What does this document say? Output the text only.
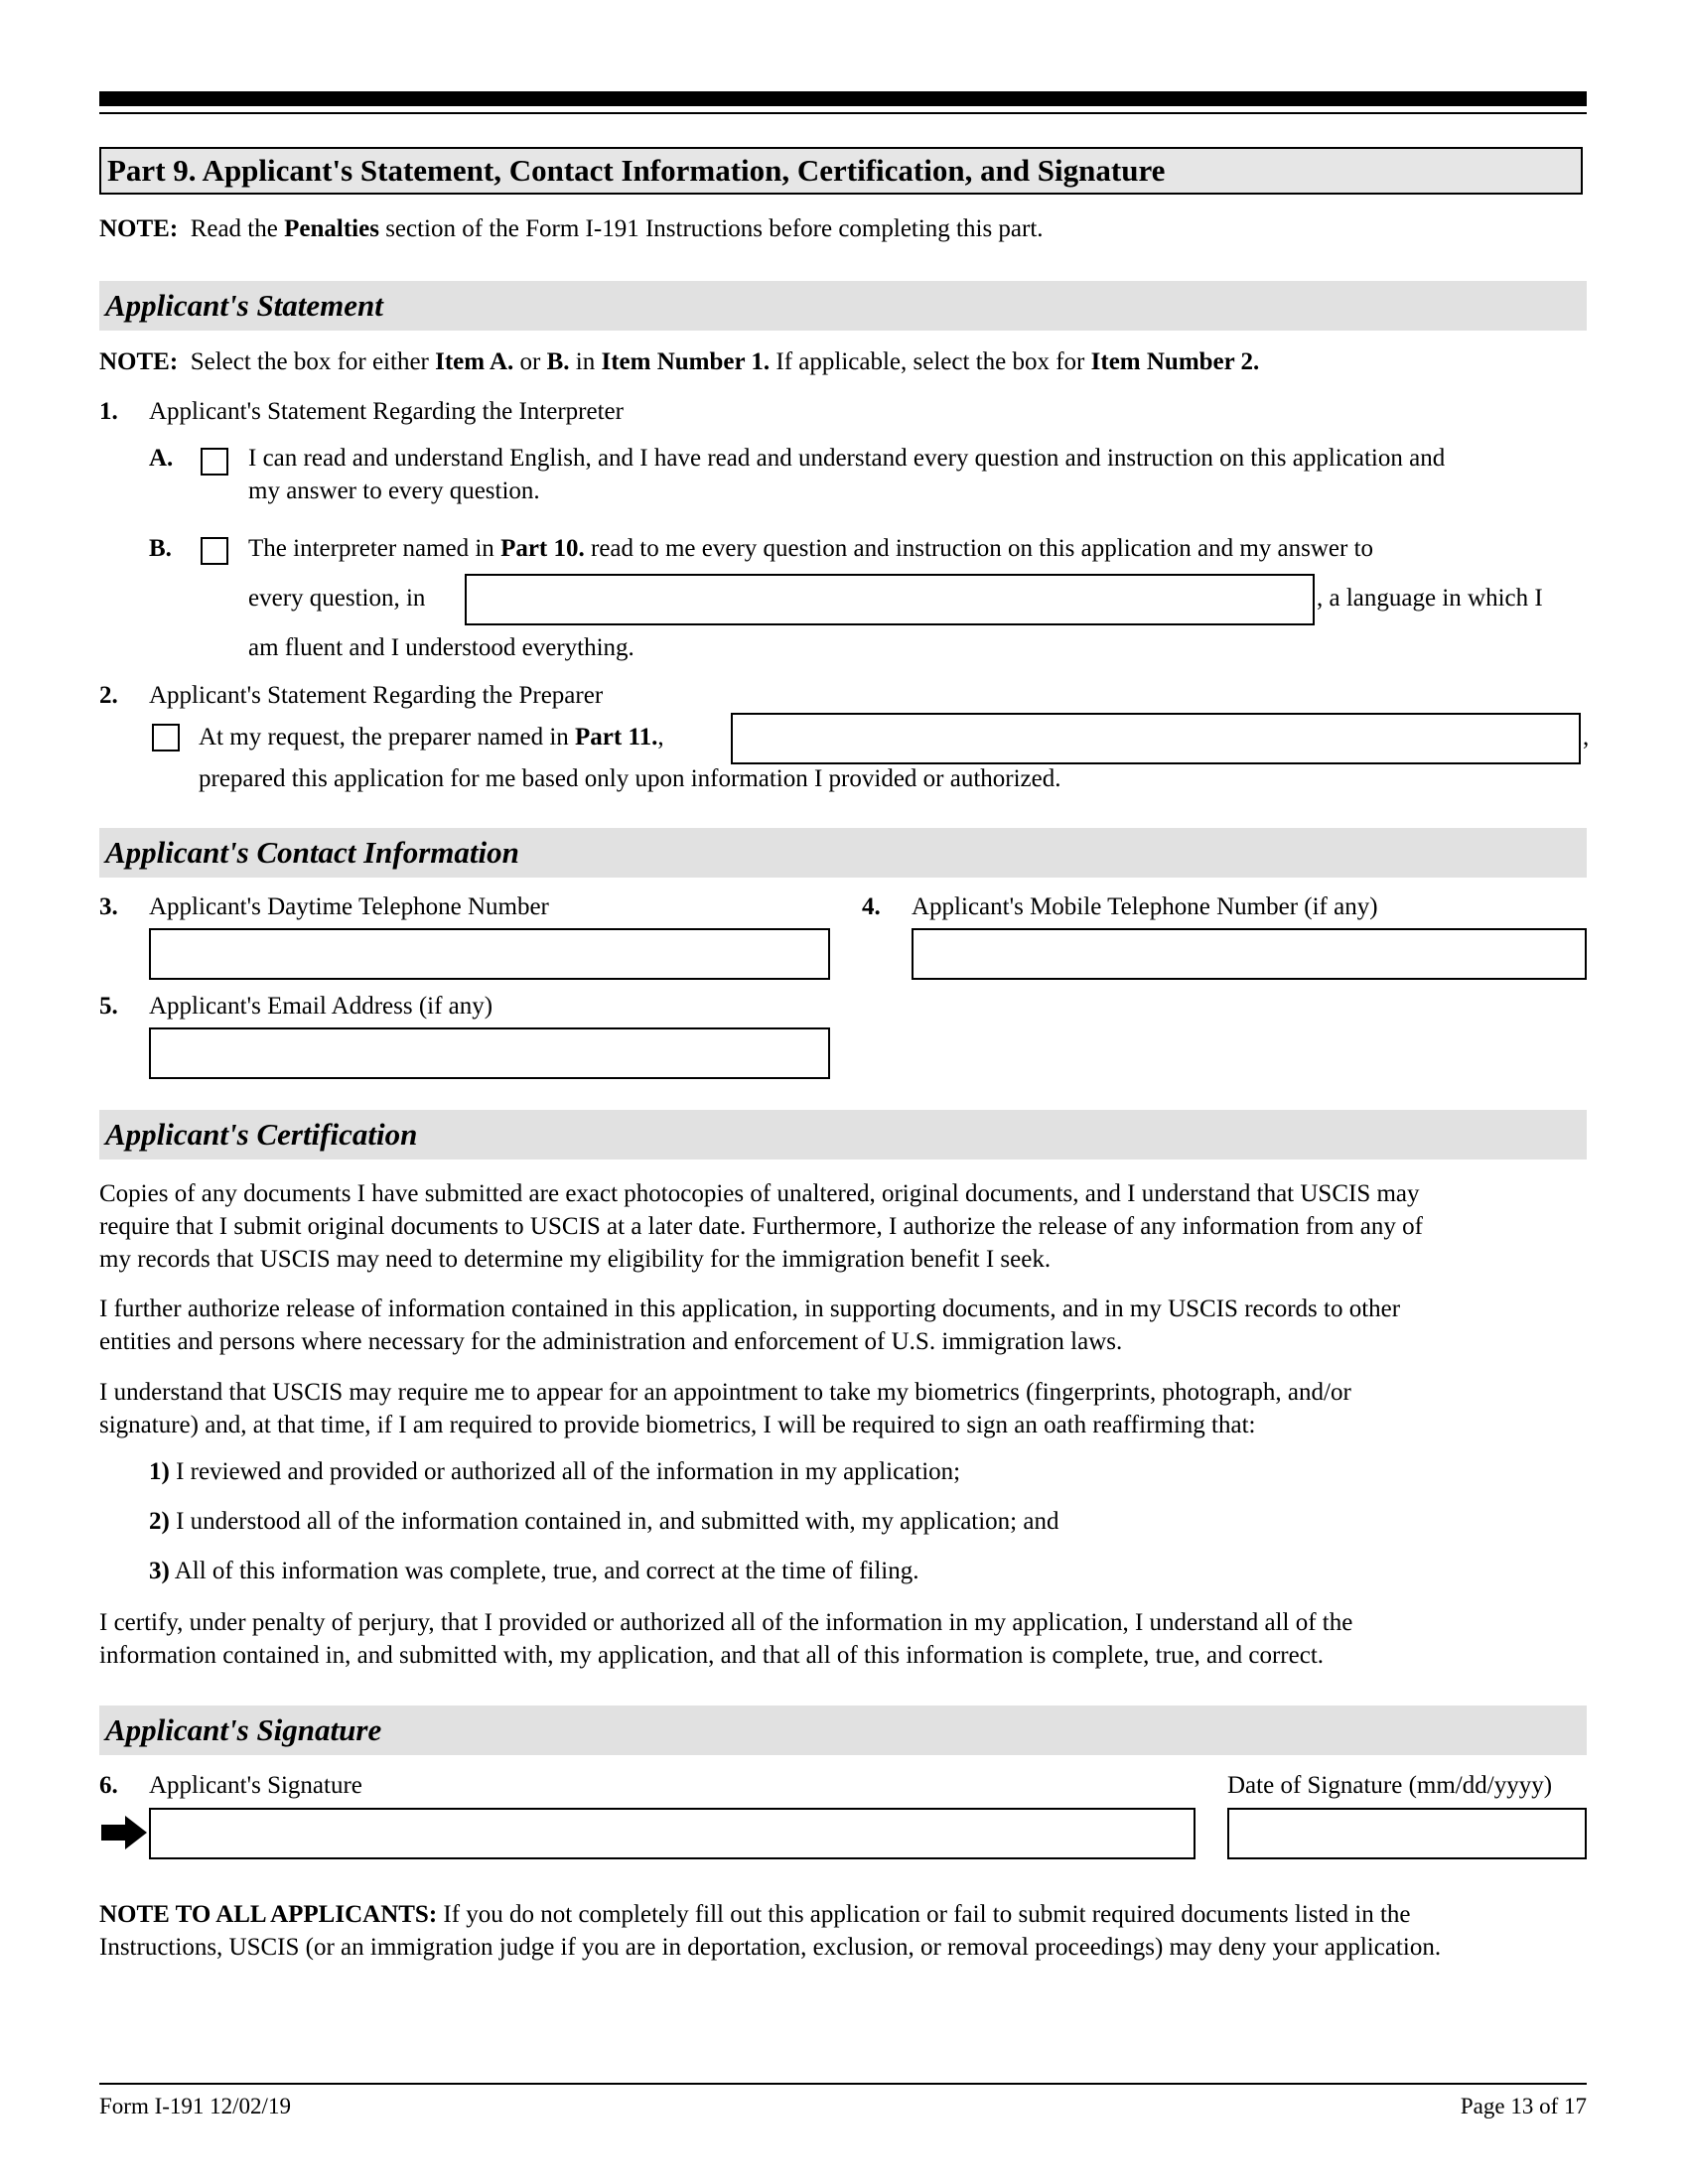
Part 9. Applicant's Statement, Contact Information, Certification, and Signature
NOTE: Read the Penalties section of the Form I-191 Instructions before completing this part.
Applicant's Statement
NOTE: Select the box for either Item A. or B. in Item Number 1. If applicable, select the box for Item Number 2.
1. Applicant's Statement Regarding the Interpreter
A.	I can read and understand English, and I have read and understand every question and instruction on this application and
my answer to every question.
B.	The interpreter named in Part 10. read to me every question and instruction on this application and my answer to
every question, in	, a language in which I
am fluent and I understood everything.
2. Applicant's Statement Regarding the Preparer
At my request, the preparer named in Part 11.,	,
prepared this application for me based only upon information I provided or authorized.
Applicant's Contact Information
3. Applicant's Daytime Telephone Number	4. Applicant's Mobile Telephone Number (if any)
5. Applicant's Email Address (if any)
Applicant's Certification
Copies of any documents I have submitted are exact photocopies of unaltered, original documents, and I understand that USCIS may
require that I submit original documents to USCIS at a later date. Furthermore, I authorize the release of any information from any of
my records that USCIS may need to determine my eligibility for the immigration benefit I seek.
I further authorize release of information contained in this application, in supporting documents, and in my USCIS records to other
entities and persons where necessary for the administration and enforcement of U.S. immigration laws.
I understand that USCIS may require me to appear for an appointment to take my biometrics (fingerprints, photograph, and/or
signature) and, at that time, if I am required to provide biometrics, I will be required to sign an oath reaffirming that:
1) I reviewed and provided or authorized all of the information in my application;
2) I understood all of the information contained in, and submitted with, my application; and
3) All of this information was complete, true, and correct at the time of filing.
I certify, under penalty of perjury, that I provided or authorized all of the information in my application, I understand all of the
information contained in, and submitted with, my application, and that all of this information is complete, true, and correct.
Applicant's Signature
6. Applicant's Signature	Date of Signature (mm/dd/yyyy)
NOTE TO ALL APPLICANTS: If you do not completely fill out this application or fail to submit required documents listed in the
Instructions, USCIS (or an immigration judge if you are in deportation, exclusion, or removal proceedings) may deny your application.
Form I-191 12/02/19	Page 13 of 17
